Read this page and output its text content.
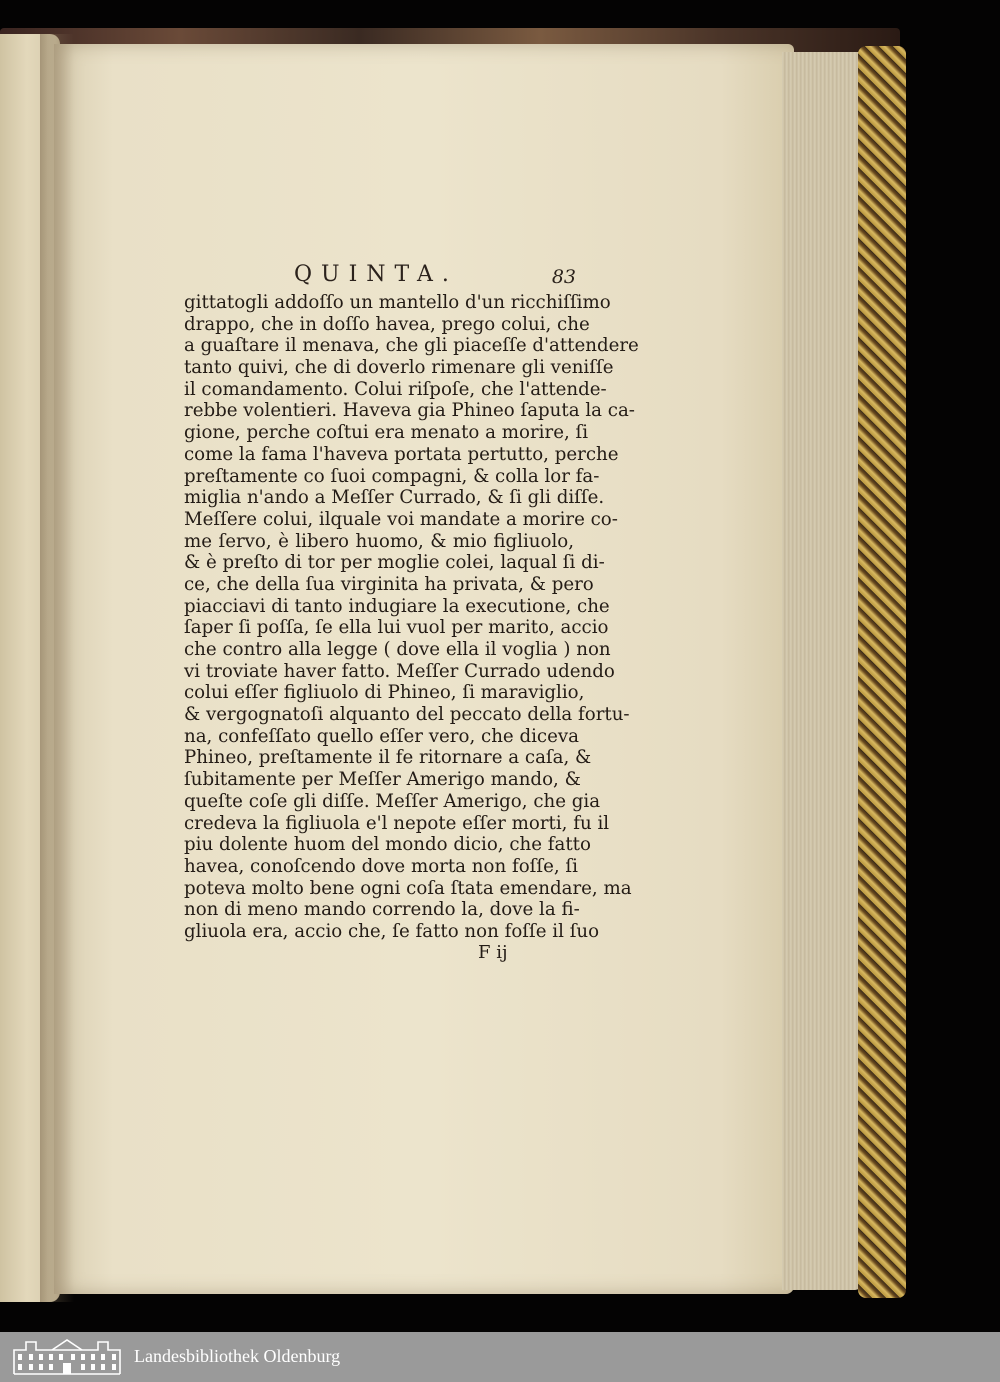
QUINTA.	83
gittatogli addoſſo un mantello d'un ricchiſſimo
drappo, che in doſſo havea, prego colui, che
a guaſtare il menava, che gli piaceſſe d'attendere
tanto quivi, che di doverlo rimenare gli veniſſe
il comandamento. Colui riſpoſe, che l'attende-
rebbe volentieri. Haveva gia Phineo ſaputa la ca-
gione, perche coſtui era menato a morire, ſi
come la fama l'haveva portata pertutto, perche
preſtamente co ſuoi compagni, & colla lor fa-
miglia n'ando a Meſſer Currado, & ſi gli diſſe.
Meſſere colui, ilquale voi mandate a morire co-
me ſervo, è libero huomo, & mio figliuolo,
& è preſto di tor per moglie colei, laqual ſi di-
ce, che della ſua virginita ha privata, & pero
piacciavi di tanto indugiare la executione, che
ſaper ſi poſſa, ſe ella lui vuol per marito, accio
che contro alla legge ( dove ella il voglia ) non
vi troviate haver fatto. Meſſer Currado udendo
colui eſſer figliuolo di Phineo, ſi maraviglio,
& vergognatoſi alquanto del peccato della fortu-
na, confeſſato quello eſſer vero, che diceva
Phineo, preſtamente il fe ritornare a caſa, &
ſubitamente per Meſſer Amerigo mando, &
queſte coſe gli diſſe. Meſſer Amerigo, che gia
credeva la figliuola e'l nepote eſſer morti, fu il
piu dolente huom del mondo dicio, che fatto
havea, conoſcendo dove morta non foſſe, ſi
poteva molto bene ogni coſa ſtata emendare, ma
non di meno mando correndo la, dove la fi-
gliuola era, accio che, ſe fatto non foſſe il ſuo
F ij
Landesbibliothek Oldenburg
